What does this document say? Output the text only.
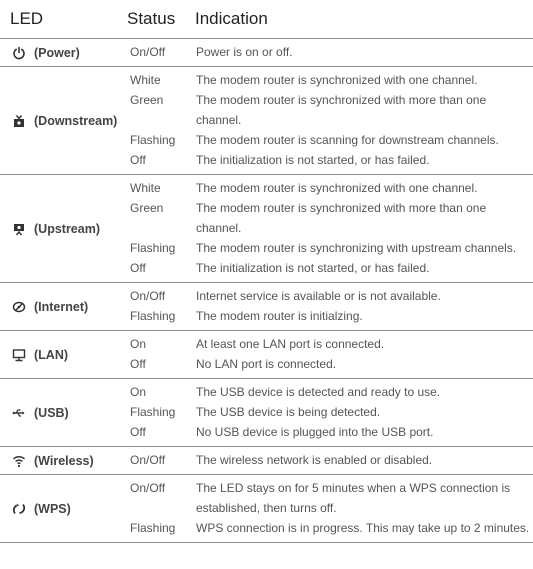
LED	Status Indication
(Power)	On/Off	Power is on or off.
(Downstream)
White	The modem router is synchronized with one channel.
Green	The modem router is synchronized with more than one
channel.
Flashing The modem router is scanning for downstream channels.
Off	The initialization is not started, or has failed.
(Upstream)
White	The modem router is synchronized with one channel.
Green	The modem router is synchronized with more than one
channel.
Flashing The modem router is synchronizing with upstream channels.
Off	The initialization is not started, or has failed.
(Internet)
On/Off	Internet service is available or is not available.
Flashing The modem router is initialzing.
(LAN)
On	At least one LAN port is connected.
Off	No LAN port is connected.
(USB)
On	The USB device is detected and ready to use.
Flashing The USB device is being detected.
Off	No USB device is plugged into the USB port.
(Wireless)	On/Off	The wireless network is enabled or disabled.
(WPS)
On/Off	The LED stays on for 5 minutes when a WPS connection is
established, then turns off.
Flashing WPS connection is in progress. This may take up to 2 minutes.
